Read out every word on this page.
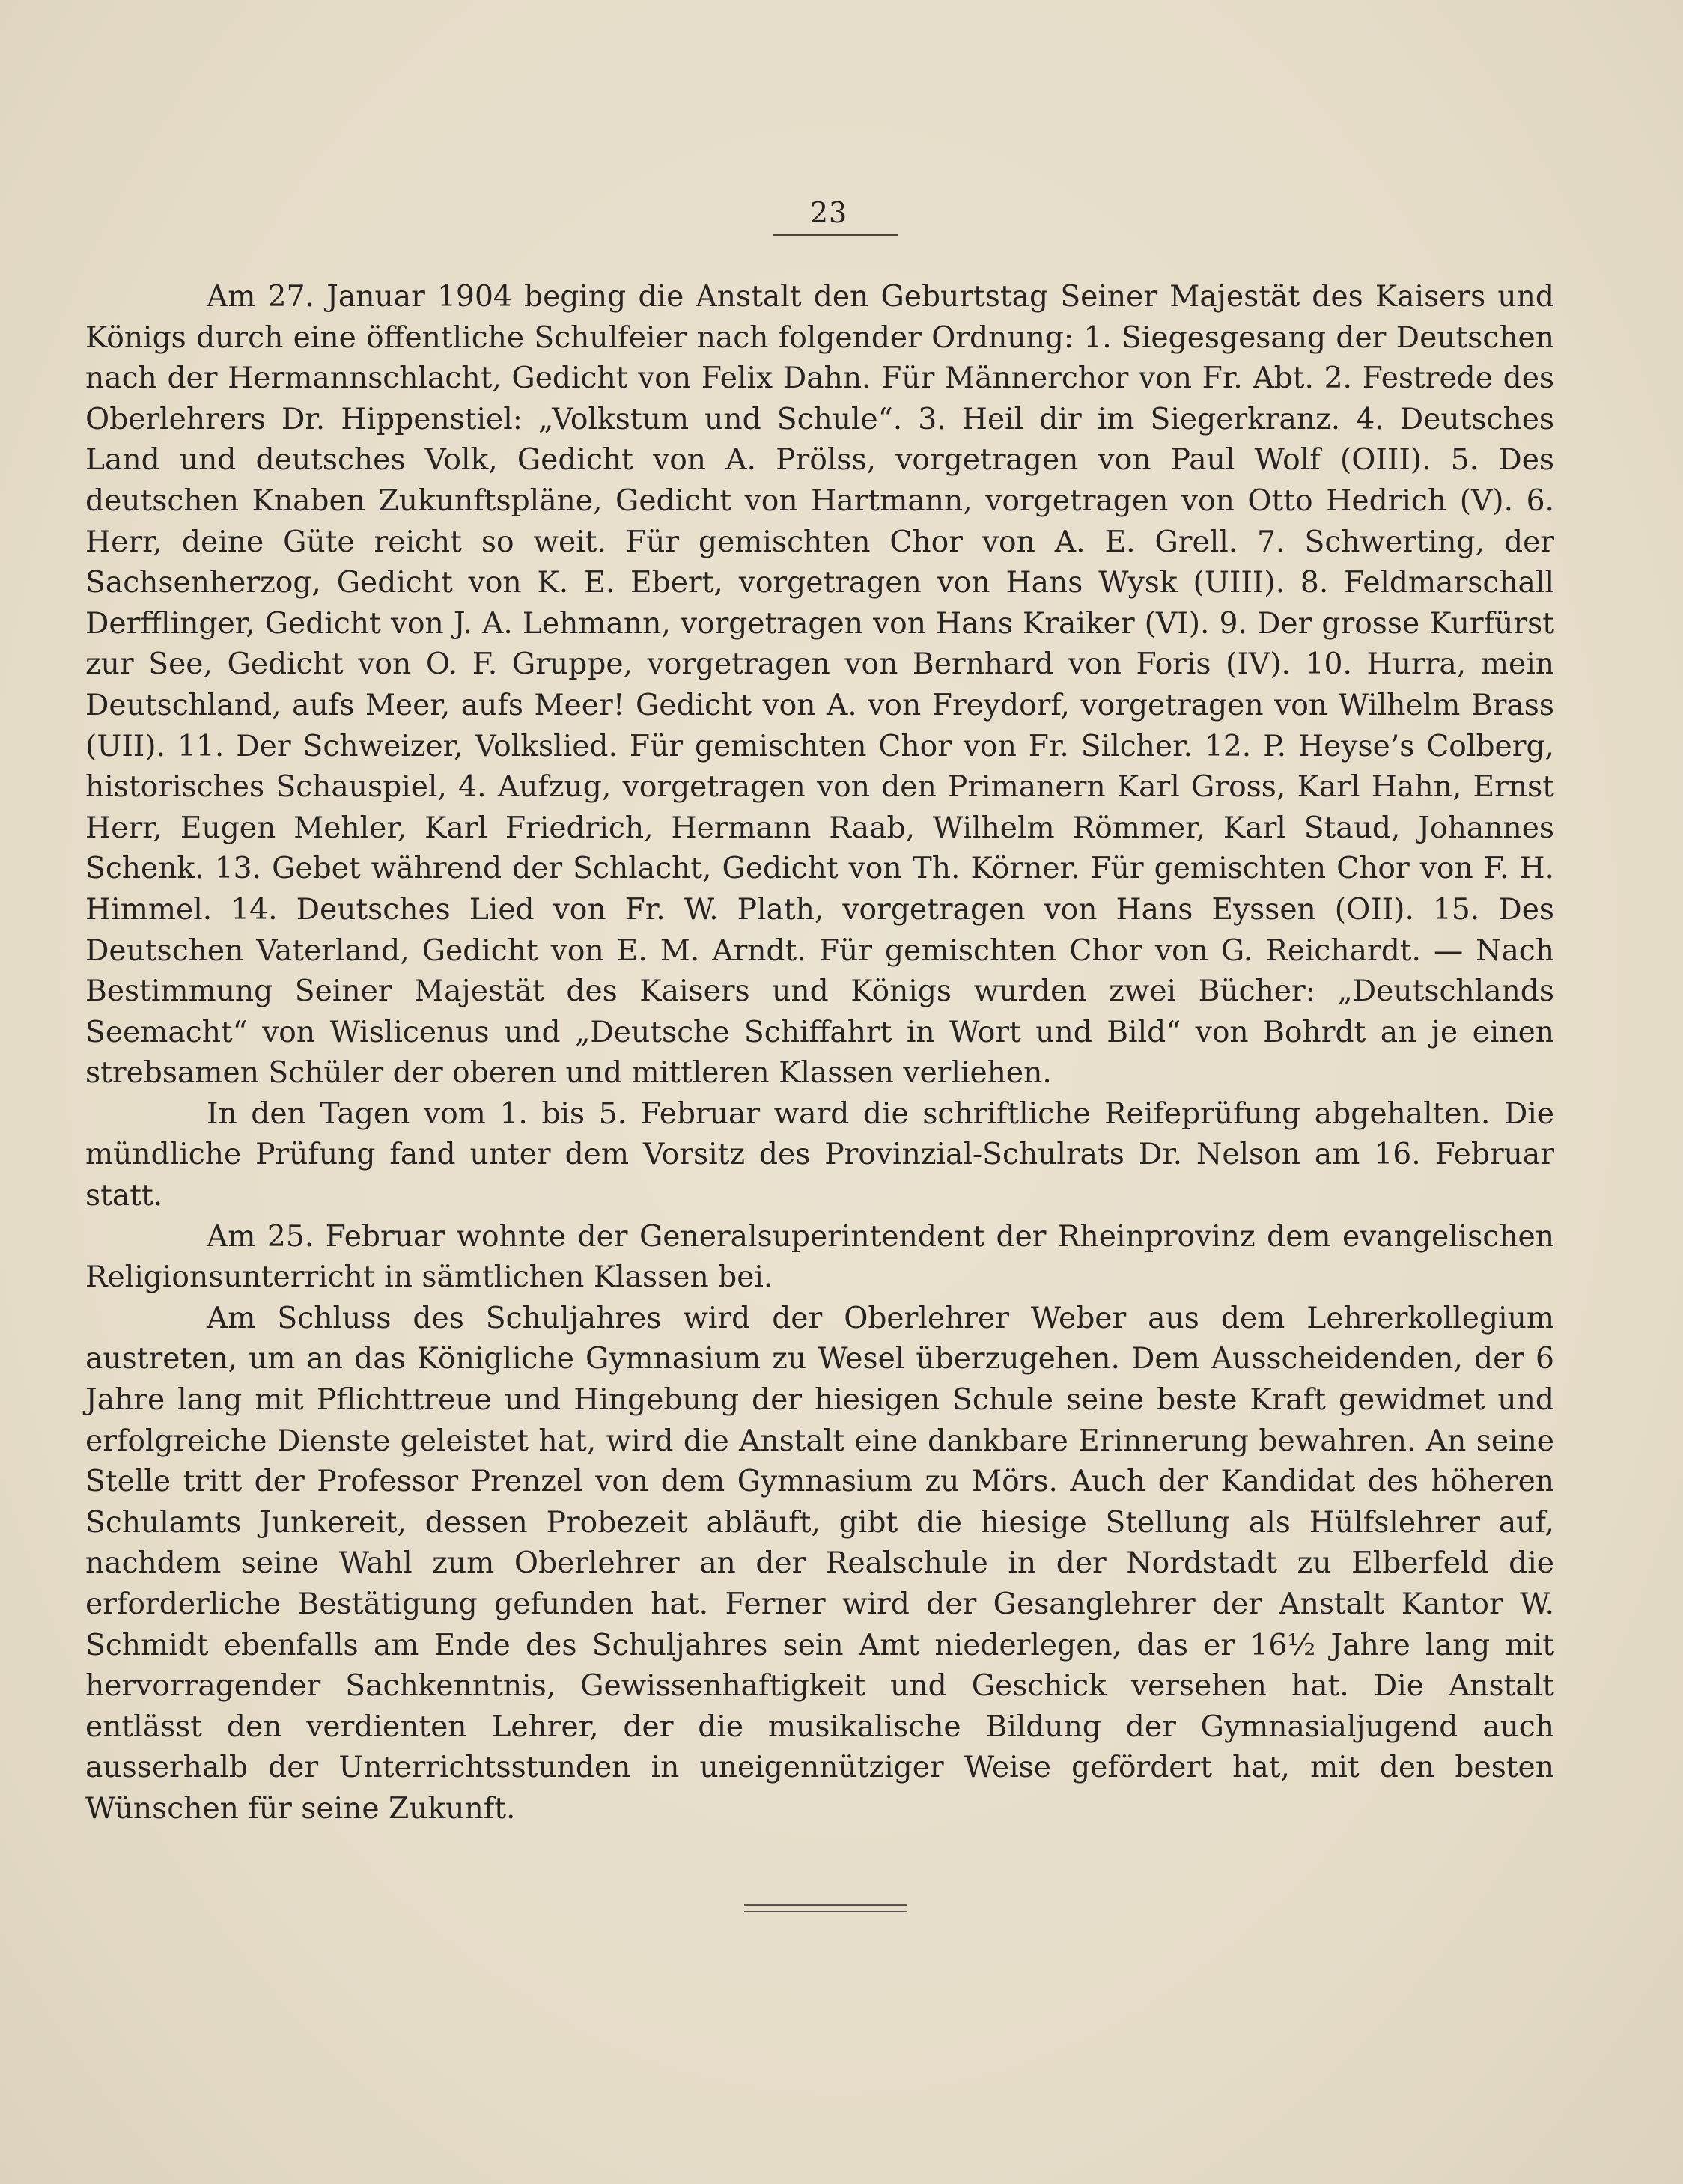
23

Am 27. Januar 1904 beging die Anstalt den Geburtstag Seiner Majestät des Kaisers und Königs durch eine öffentliche Schulfeier nach folgender Ordnung: 1. Siegesgesang der Deutschen nach der Hermannschlacht, Gedicht von Felix Dahn. Für Männerchor von Fr. Abt. 2. Festrede des Oberlehrers Dr. Hippenstiel: „Volkstum und Schule“. 3. Heil dir im Siegerkranz. 4. Deutsches Land und deutsches Volk, Gedicht von A. Prölss, vorgetragen von Paul Wolf (OIII). 5. Des deutschen Knaben Zukunftspläne, Gedicht von Hartmann, vorgetragen von Otto Hedrich (V). 6. Herr, deine Güte reicht so weit. Für gemischten Chor von A. E. Grell. 7. Schwerting, der Sachsenherzog, Gedicht von K. E. Ebert, vorgetragen von Hans Wysk (UIII). 8. Feldmarschall Derfflinger, Gedicht von J. A. Lehmann, vorgetragen von Hans Kraiker (VI). 9. Der grosse Kurfürst zur See, Gedicht von O. F. Gruppe, vorgetragen von Bernhard von Foris (IV). 10. Hurra, mein Deutschland, aufs Meer, aufs Meer! Gedicht von A. von Freydorf, vorgetragen von Wilhelm Brass (UII). 11. Der Schweizer, Volkslied. Für gemischten Chor von Fr. Silcher. 12. P. Heyse’s Colberg, historisches Schauspiel, 4. Aufzug, vorgetragen von den Primanern Karl Gross, Karl Hahn, Ernst Herr, Eugen Mehler, Karl Friedrich, Hermann Raab, Wilhelm Römmer, Karl Staud, Johannes Schenk. 13. Gebet während der Schlacht, Gedicht von Th. Körner. Für gemischten Chor von F. H. Himmel. 14. Deutsches Lied von Fr. W. Plath, vorgetragen von Hans Eyssen (OII). 15. Des Deutschen Vaterland, Gedicht von E. M. Arndt. Für gemischten Chor von G. Reichardt. — Nach Bestimmung Seiner Majestät des Kaisers und Königs wurden zwei Bücher: „Deutschlands Seemacht“ von Wislicenus und „Deutsche Schiffahrt in Wort und Bild“ von Bohrdt an je einen strebsamen Schüler der oberen und mittleren Klassen verliehen.

In den Tagen vom 1. bis 5. Februar ward die schriftliche Reifeprüfung abgehalten. Die mündliche Prüfung fand unter dem Vorsitz des Provinzial-Schulrats Dr. Nelson am 16. Februar statt.

Am 25. Februar wohnte der Generalsuperintendent der Rheinprovinz dem evangelischen Religionsunterricht in sämtlichen Klassen bei.

Am Schluss des Schuljahres wird der Oberlehrer Weber aus dem Lehrerkollegium austreten, um an das Königliche Gymnasium zu Wesel überzugehen. Dem Ausscheidenden, der 6 Jahre lang mit Pflichttreue und Hingebung der hiesigen Schule seine beste Kraft gewidmet und erfolgreiche Dienste geleistet hat, wird die Anstalt eine dankbare Erinnerung bewahren. An seine Stelle tritt der Professor Prenzel von dem Gymnasium zu Mörs. Auch der Kandidat des höheren Schulamts Junkereit, dessen Probezeit abläuft, gibt die hiesige Stellung als Hülfslehrer auf, nachdem seine Wahl zum Oberlehrer an der Realschule in der Nordstadt zu Elberfeld die erforderliche Bestätigung gefunden hat. Ferner wird der Gesanglehrer der Anstalt Kantor W. Schmidt ebenfalls am Ende des Schuljahres sein Amt niederlegen, das er 16½ Jahre lang mit hervorragender Sachkenntnis, Gewissenhaftigkeit und Geschick versehen hat. Die Anstalt entlässt den verdienten Lehrer, der die musikalische Bildung der Gymnasialjugend auch ausserhalb der Unterrichtsstunden in uneigennütziger Weise gefördert hat, mit den besten Wünschen für seine Zukunft.
